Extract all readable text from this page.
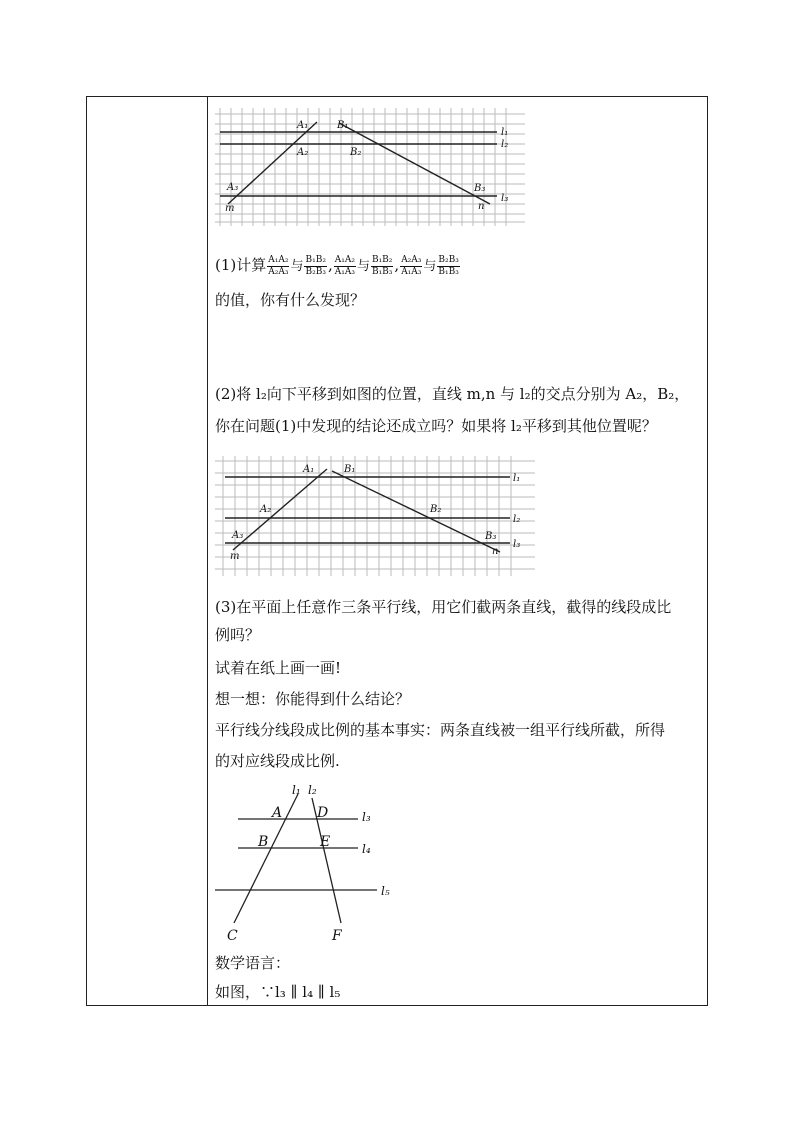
A₁
A₂
A₃
B₁
B₂
B₃
l₁
l₂
l₃
m	n
(1)计算 $\frac{\text{A₁A₂}}{\text{A₂A₃}}$ 与 $\frac{\text{B₁B₂}}{\text{B₂B₃}}$ , $\frac{\text{A₁A₂}}{\text{A₁A₃}}$ 与 $\frac{\text{B₁B₂}}{\text{B₁B₃}}$ , $\frac{\text{A₂A₃}}{\text{A₁A₃}}$ 与 $\frac{\text{B₂B₃}}{\text{B₁B₃}}$
的值，你有什么发现？
(2)将 l₂向下平移到如图的位置，直线 m,n 与 l₂的交点分别为 A₂，B₂，
你在问题(1)中发现的结论还成立吗？如果将 l₂平移到其他位置呢？
A₁
A₂
A₃
B₁
B₂
B₃
l₁
l₂
l₃
m	n
(3)在平面上任意作三条平行线，用它们截两条直线，截得的线段成比
例吗？
试着在纸上画一画!
想一想：你能得到什么结论？
平行线分线段成比例的基本事实：两条直线被一组平行线所截，所得
的对应线段成比例.
l₁ l₂
l₃
l₄
l₅
A
B
C
D
E
F
数学语言：
如图，∵l₃ ∥ l₄ ∥ l₅
